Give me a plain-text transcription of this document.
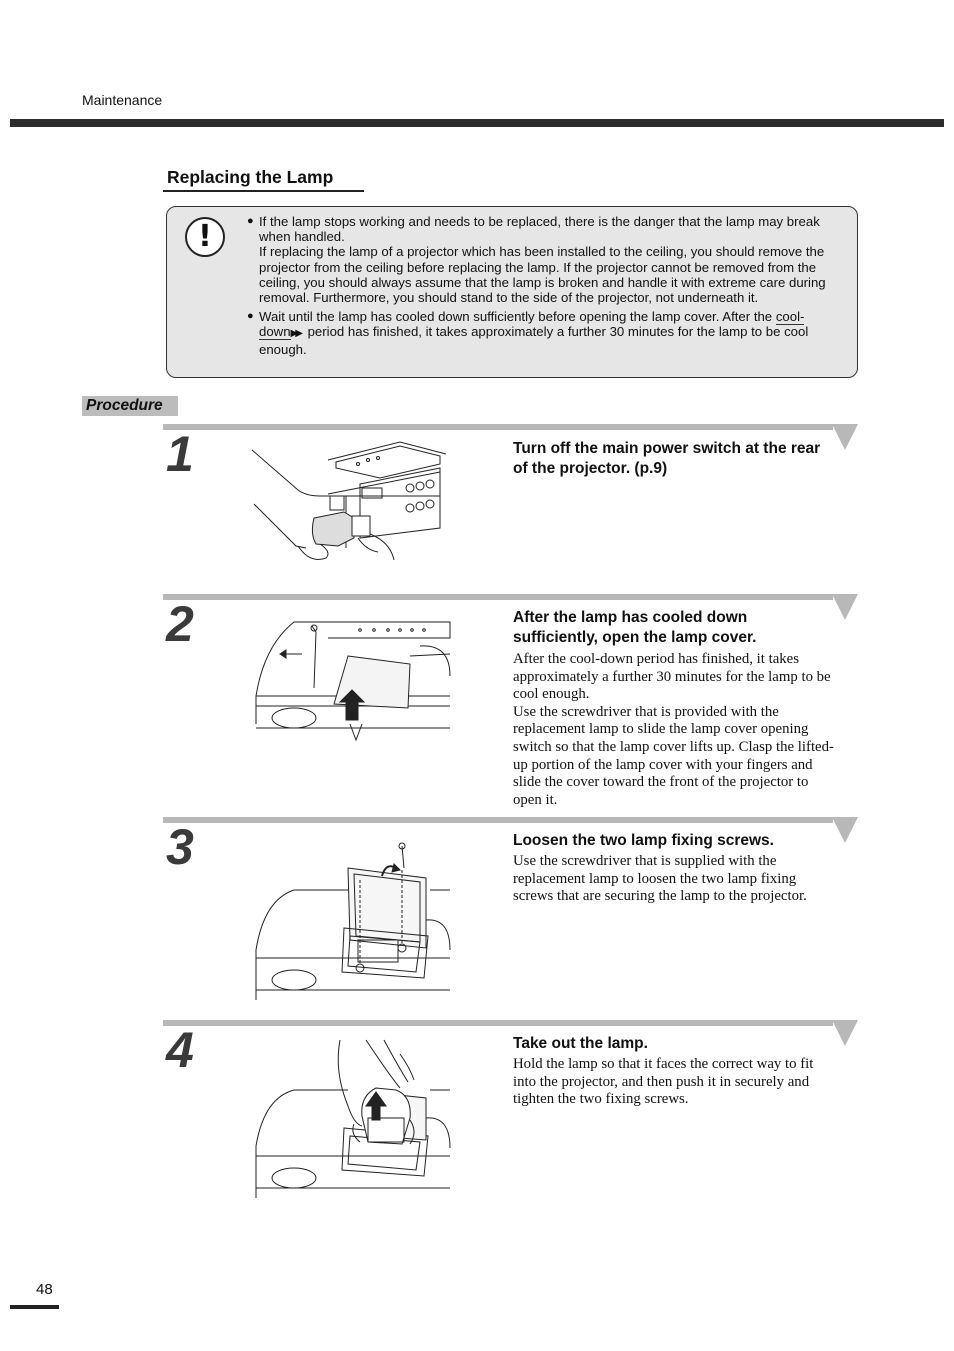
Maintenance
Replacing the Lamp
!	● If the lamp stops working and needs to be replaced, there is the danger that the lamp may break when handled.
If replacing the lamp of a projector which has been installed to the ceiling, you should remove the projector from the ceiling before replacing the lamp. If the projector cannot be removed from the ceiling, you should always assume that the lamp is broken and handle it with extreme care during removal. Furthermore, you should stand to the side of the projector, not underneath it.
● Wait until the lamp has cooled down sufficiently before opening the lamp cover. After the cool-down▶▶ period has finished, it takes approximately a further 30 minutes for the lamp to be cool enough.
Procedure
1	Turn off the main power switch at the rear of the projector. (p.9)
2	After the lamp has cooled down sufficiently, open the lamp cover.
After the cool-down period has finished, it takes approximately a further 30 minutes for the lamp to be cool enough.
Use the screwdriver that is provided with the replacement lamp to slide the lamp cover opening switch so that the lamp cover lifts up. Clasp the lifted-up portion of the lamp cover with your fingers and slide the cover toward the front of the projector to open it.
3	Loosen the two lamp fixing screws.
Use the screwdriver that is supplied with the replacement lamp to loosen the two lamp fixing screws that are securing the lamp to the projector.
4	Take out the lamp.
Hold the lamp so that it faces the correct way to fit into the projector, and then push it in securely and tighten the two fixing screws.
48
